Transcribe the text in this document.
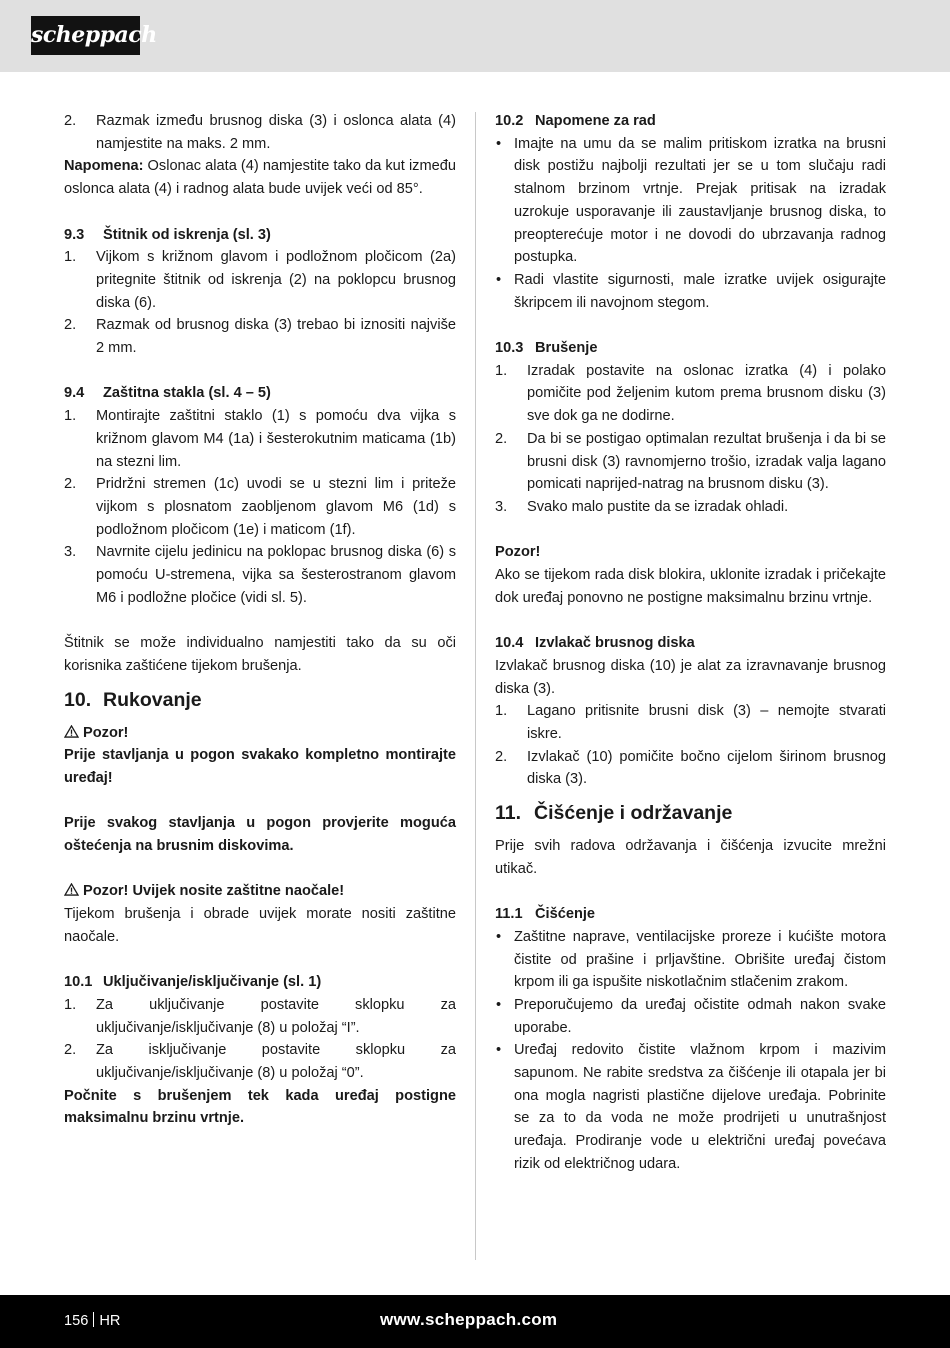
scheppach
2. Razmak između brusnog diska (3) i oslonca alata (4) namjestite na maks. 2 mm.

Napomena: Oslonac alata (4) namjestite tako da kut između oslonca alata (4) i radnog alata bude uvijek veći od 85°.

9.3 Štitnik od iskrenja (sl. 3)

1. Vijkom s križnom glavom i podložnom pločicom (2a) pritegnite štitnik od iskrenja (2) na poklopcu brusnog diska (6).
2. Razmak od brusnog diska (3) trebao bi iznositi najviše 2 mm.

9.4 Zaštitna stakla (sl. 4 – 5)

1. Montirajte zaštitni staklo (1) s pomoću dva vijka s križnom glavom M4 (1a) i šesterokutnim maticama (1b) na stezni lim.
2. Pridržni stremen (1c) uvodi se u stezni lim i priteže vijkom s plosnatom zaobljenom glavom M6 (1d) s podložnom pločicom (1e) i maticom (1f).
3. Navrnite cijelu jedinicu na poklopac brusnog diska (6) s pomoću U-stremena, vijka sa šesterostranom glavom M6 i podložne pločice (vidi sl. 5).

Štitnik se može individualno namjestiti tako da su oči korisnika zaštićene tijekom brušenja.

10. Rukovanje

Pozor!

Prije stavljanja u pogon svakako kompletno montirajte uređaj!

Prije svakog stavljanja u pogon provjerite moguća oštećenja na brusnim diskovima.

Pozor! Uvijek nosite zaštitne naočale!

Tijekom brušenja i obrade uvijek morate nositi zaštitne naočale.

10.1 Uključivanje/isključivanje (sl. 1)

1. Za uključivanje postavite sklopku za uključivanje/isključivanje (8) u položaj “I”.
2. Za isključivanje postavite sklopku za uključivanje/isključivanje (8) u položaj “0”.

Počnite s brušenjem tek kada uređaj postigne maksimalnu brzinu vrtnje.

10.2 Napomene za rad

• Imajte na umu da se malim pritiskom izratka na brusni disk postižu najbolji rezultati jer se u tom slučaju radi stalnom brzinom vrtnje. Prejak pritisak na izradak uzrokuje usporavanje ili zaustavljanje brusnog diska, to preopterećuje motor i ne dovodi do ubrzavanja radnog postupka.
• Radi vlastite sigurnosti, male izratke uvijek osigurajte škripcem ili navojnom stegom.

10.3 Brušenje

1. Izradak postavite na oslonac izratka (4) i polako pomičite pod željenim kutom prema brusnom disku (3) sve dok ga ne dodirne.
2. Da bi se postigao optimalan rezultat brušenja i da bi se brusni disk (3) ravnomjerno trošio, izradak valja lagano pomicati naprijed-natrag na brusnom disku (3).
3. Svako malo pustite da se izradak ohladi.

Pozor!

Ako se tijekom rada disk blokira, uklonite izradak i pričekajte dok uređaj ponovno ne postigne maksimalnu brzinu vrtnje.

10.4 Izvlakač brusnog diska

Izvlakač brusnog diska (10) je alat za izravnavanje brusnog diska (3).

1. Lagano pritisnite brusni disk (3) – nemojte stvarati iskre.
2. Izvlakač (10) pomičite bočno cijelom širinom brusnog diska (3).

11. Čišćenje i održavanje

Prije svih radova održavanja i čišćenja izvucite mrežni utikač.

11.1 Čišćenje

• Zaštitne naprave, ventilacijske proreze i kućište motora čistite od prašine i prljavštine. Obrišite uređaj čistom krpom ili ga ispušite niskotlačnim stlačenim zrakom.
• Preporučujemo da uređaj očistite odmah nakon svake uporabe.
• Uređaj redovito čistite vlažnom krpom i mazivim sapunom. Ne rabite sredstva za čišćenje ili otapala jer bi ona mogla nagristi plastične dijelove uređaja. Pobrinite se za to da voda ne može prodrijeti u unutrašnjost uređaja. Prodiranje vode u električni uređaj povećava rizik od električnog udara.
156 HR	www.scheppach.com
